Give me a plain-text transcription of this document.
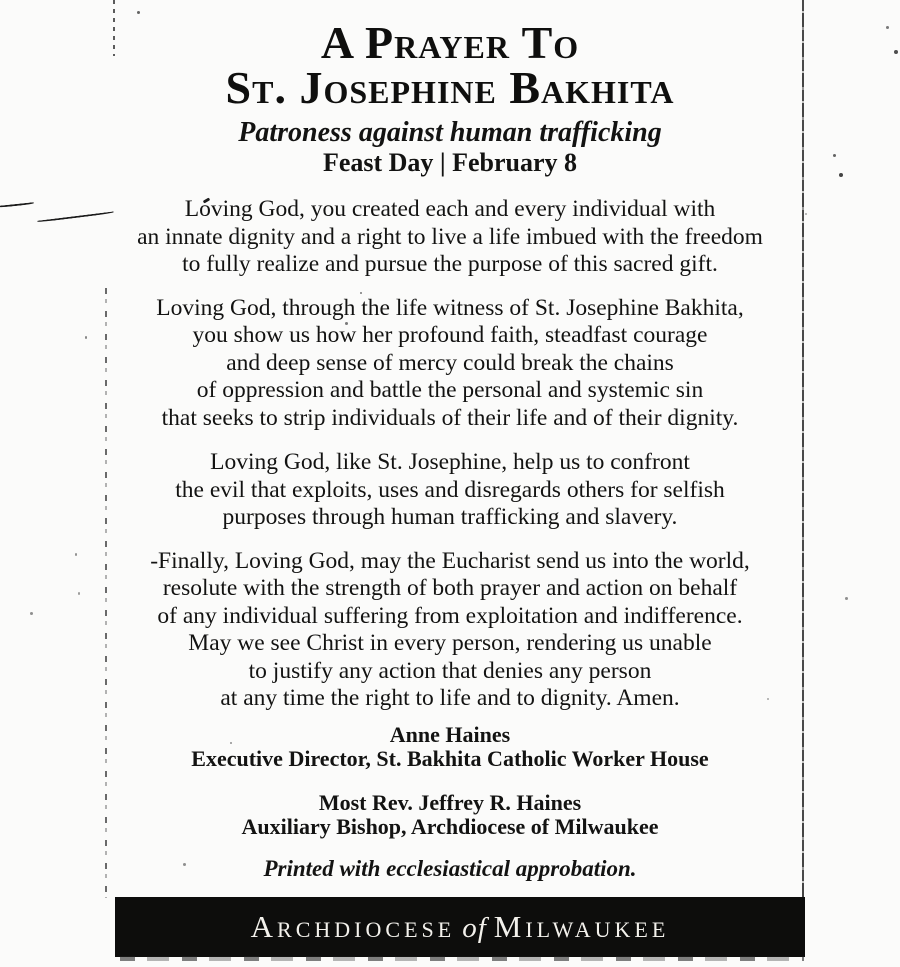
A Prayer To
St. Josephine Bakhita
Patroness against human trafficking
Feast Day | February 8
Loving God, you created each and every individual with
an innate dignity and a right to live a life imbued with the freedom
to fully realize and pursue the purpose of this sacred gift.
Loving God, through the life witness of St. Josephine Bakhita,
you show us how her profound faith, steadfast courage
and deep sense of mercy could break the chains
of oppression and battle the personal and systemic sin
that seeks to strip individuals of their life and of their dignity.
Loving God, like St. Josephine, help us to confront
the evil that exploits, uses and disregards others for selfish
purposes through human trafficking and slavery.
-Finally, Loving God, may the Eucharist send us into the world,
resolute with the strength of both prayer and action on behalf
of any individual suffering from exploitation and indifference.
May we see Christ in every person, rendering us unable
to justify any action that denies any person
at any time the right to life and to dignity. Amen.
Anne Haines
Executive Director, St. Bakhita Catholic Worker House
Most Rev. Jeffrey R. Haines
Auxiliary Bishop, Archdiocese of Milwaukee
Printed with ecclesiastical approbation.
Archdiocese of Milwaukee
